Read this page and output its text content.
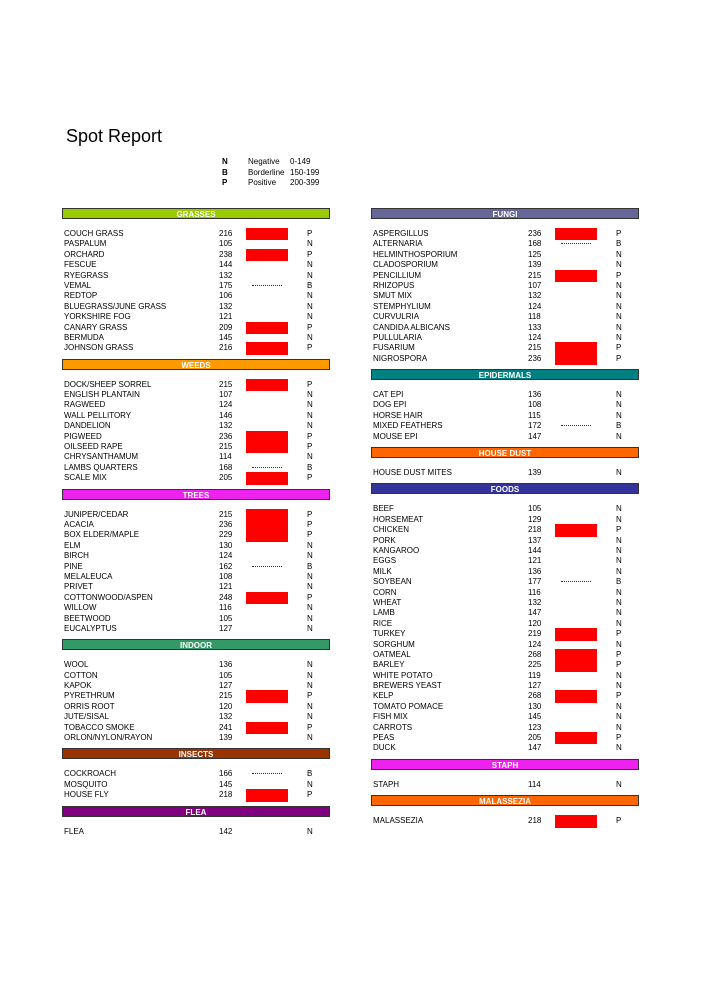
Spot Report
N	Negative 0-149
B	Borderline 150-199
P	Positive 200-399
GRASSES
COUCH GRASS	216	P
PASPALUM	105	N
ORCHARD	238	P
FESCUE	144	N
RYEGRASS	132	N
VEMAL	175	B
REDTOP	106	N
BLUEGRASS/JUNE GRASS	132	N
YORKSHIRE FOG	121	N
CANARY GRASS	209	P
BERMUDA	145	N
JOHNSON GRASS	216	P
WEEDS
DOCK/SHEEP SORREL	215	P
ENGLISH PLANTAIN	107	N
RAGWEED	124	N
WALL PELLITORY	146	N
DANDELION	132	N
PIGWEED	236	P
OILSEED RAPE	215	P
CHRYSANTHAMUM	114	N
LAMBS QUARTERS	168	B
SCALE MIX	205	P
TREES
JUNIPER/CEDAR	215	P
ACACIA	236	P
BOX ELDER/MAPLE	229	P
ELM	130	N
BIRCH	124	N
PINE	162	B
MELALEUCA	108	N
PRIVET	121	N
COTTONWOOD/ASPEN	248	P
WILLOW	116	N
BEETWOOD	105	N
EUCALYPTUS	127	N
INDOOR
WOOL	136	N
COTTON	105	N
KAPOK	127	N
PYRETHRUM	215	P
ORRIS ROOT	120	N
JUTE/SISAL	132	N
TOBACCO SMOKE	241	P
ORLON/NYLON/RAYON	139	N
INSECTS
COCKROACH	166	B
MOSQUITO	145	N
HOUSE FLY	218	P
FLEA
FLEA	142	N
FUNGI
ASPERGILLUS	236	P
ALTERNARIA	168	B
HELMINTHOSPORIUM	125	N
CLADOSPORIUM	139	N
PENCILLIUM	215	P
RHIZOPUS	107	N
SMUT MIX	132	N
STEMPHYLIUM	124	N
CURVULRIA	118	N
CANDIDA ALBICANS	133	N
PULLULARIA	124	N
FUSARIUM	215	P
NIGROSPORA	236	P
EPIDERMALS
CAT EPI	136	N
DOG EPI	108	N
HORSE HAIR	115	N
MIXED FEATHERS	172	B
MOUSE EPI	147	N
HOUSE DUST
HOUSE DUST MITES	139	N
FOODS
BEEF	105	N
HORSEMEAT	129	N
CHICKEN	218	P
PORK	137	N
KANGAROO	144	N
EGGS	121	N
MILK	136	N
SOYBEAN	177	B
CORN	116	N
WHEAT	132	N
LAMB	147	N
RICE	120	N
TURKEY	219	P
SORGHUM	124	N
OATMEAL	268	P
BARLEY	225	P
WHITE POTATO	119	N
BREWERS YEAST	127	N
KELP	268	P
TOMATO POMACE	130	N
FISH MIX	145	N
CARROTS	123	N
PEAS	205	P
DUCK	147	N
STAPH
STAPH	114	N
MALASSEZIA
MALASSEZIA	218	P
